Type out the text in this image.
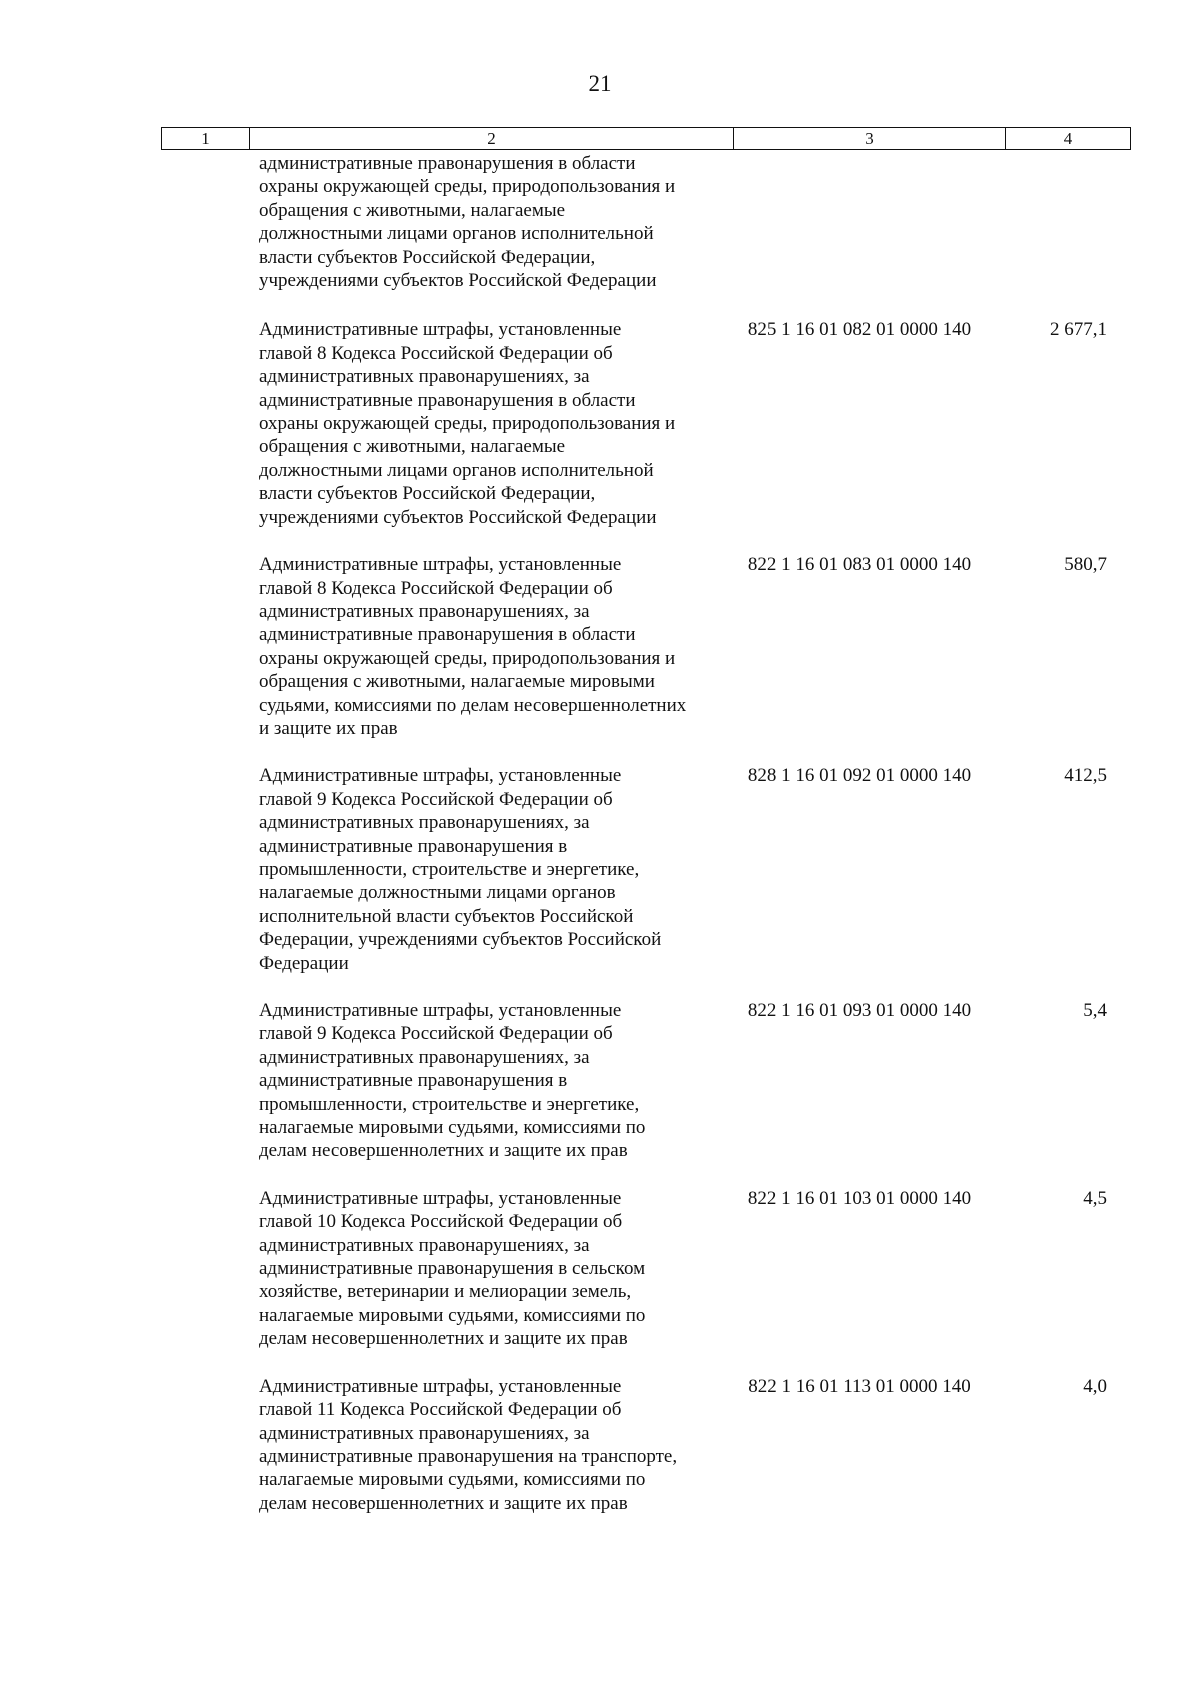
21
1	2	3	4
административные правонарушения в области
охраны окружающей среды, природопользования и
обращения с животными, налагаемые
должностными лицами органов исполнительной
власти субъектов Российской Федерации,
учреждениями субъектов Российской Федерации
Административные штрафы, установленные
главой 8 Кодекса Российской Федерации об
административных правонарушениях, за
административные правонарушения в области
охраны окружающей среды, природопользования и
обращения с животными, налагаемые
должностными лицами органов исполнительной
власти субъектов Российской Федерации,
учреждениями субъектов Российской Федерации
825 1 16 01 082 01 0000 140	2 677,1
Административные штрафы, установленные
главой 8 Кодекса Российской Федерации об
административных правонарушениях, за
административные правонарушения в области
охраны окружающей среды, природопользования и
обращения с животными, налагаемые мировыми
судьями, комиссиями по делам несовершеннолетних
и защите их прав
822 1 16 01 083 01 0000 140	580,7
Административные штрафы, установленные
главой 9 Кодекса Российской Федерации об
административных правонарушениях, за
административные правонарушения в
промышленности, строительстве и энергетике,
налагаемые должностными лицами органов
исполнительной власти субъектов Российской
Федерации, учреждениями субъектов Российской
Федерации
828 1 16 01 092 01 0000 140	412,5
Административные штрафы, установленные
главой 9 Кодекса Российской Федерации об
административных правонарушениях, за
административные правонарушения в
промышленности, строительстве и энергетике,
налагаемые мировыми судьями, комиссиями по
делам несовершеннолетних и защите их прав
822 1 16 01 093 01 0000 140	5,4
Административные штрафы, установленные
главой 10 Кодекса Российской Федерации об
административных правонарушениях, за
административные правонарушения в сельском
хозяйстве, ветеринарии и мелиорации земель,
налагаемые мировыми судьями, комиссиями по
делам несовершеннолетних и защите их прав
822 1 16 01 103 01 0000 140	4,5
Административные штрафы, установленные
главой 11 Кодекса Российской Федерации об
административных правонарушениях, за
административные правонарушения на транспорте,
налагаемые мировыми судьями, комиссиями по
делам несовершеннолетних и защите их прав
822 1 16 01 113 01 0000 140	4,0
